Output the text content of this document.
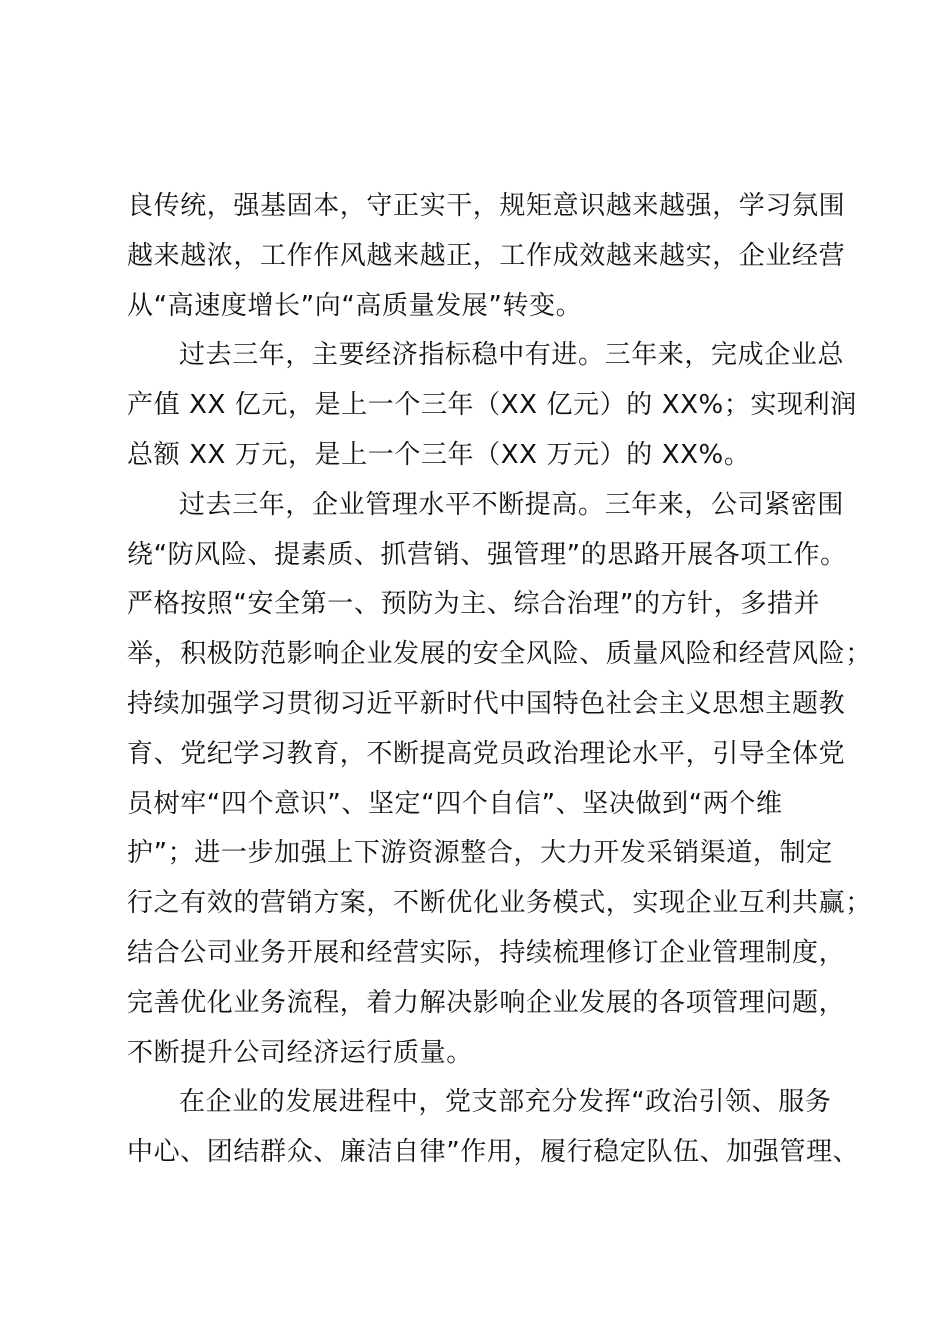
良传统，强基固本，守正实干，规矩意识越来越强，学习氛围
越来越浓，工作作风越来越正，工作成效越来越实，企业经营
从“高速度增长”向“高质量发展”转变。
过去三年，主要经济指标稳中有进。三年来，完成企业总
产值 XX 亿元，是上一个三年（XX 亿元）的 XX%；实现利润
总额 XX 万元，是上一个三年（XX 万元）的 XX%。
过去三年，企业管理水平不断提高。三年来，公司紧密围
绕“防风险、提素质、抓营销、强管理”的思路开展各项工作。
严格按照“安全第一、预防为主、综合治理”的方针，多措并
举，积极防范影响企业发展的安全风险、质量风险和经营风险；
持续加强学习贯彻习近平新时代中国特色社会主义思想主题教
育、党纪学习教育，不断提高党员政治理论水平，引导全体党
员树牢“四个意识”、坚定“四个自信”、坚决做到“两个维
护”；进一步加强上下游资源整合，大力开发采销渠道，制定
行之有效的营销方案，不断优化业务模式，实现企业互利共赢；
结合公司业务开展和经营实际，持续梳理修订企业管理制度，
完善优化业务流程，着力解决影响企业发展的各项管理问题，
不断提升公司经济运行质量。
在企业的发展进程中，党支部充分发挥“政治引领、服务
中心、团结群众、廉洁自律”作用，履行稳定队伍、加强管理、
